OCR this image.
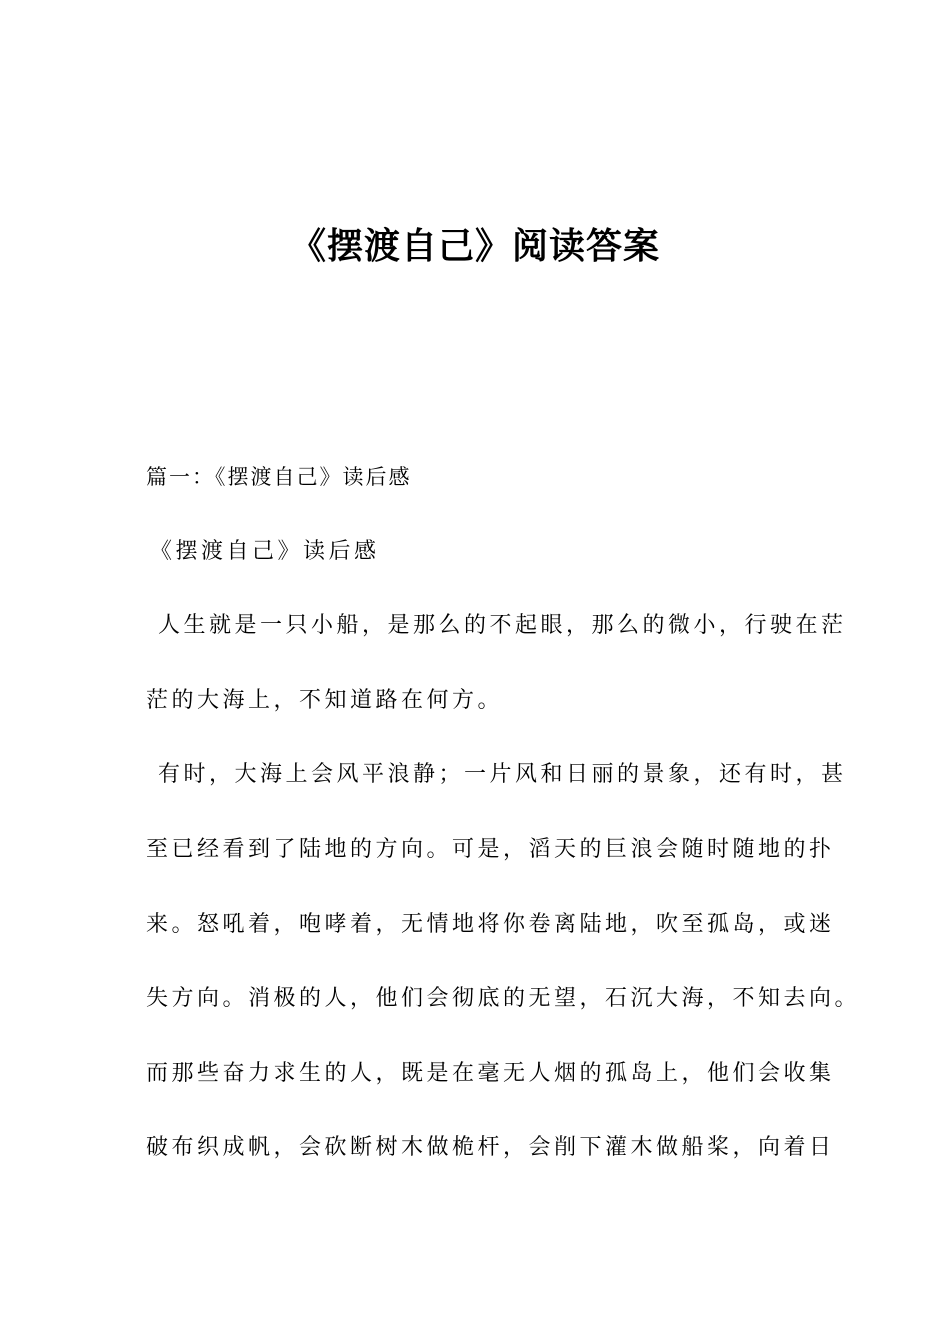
《摆渡自己》阅读答案

篇一：《摆渡自己》读后感

《摆渡自己》读后感

人生就是一只小船，是那么的不起眼，那么的微小，行驶在茫

茫的大海上，不知道路在何方。

有时，大海上会风平浪静；一片风和日丽的景象，还有时，甚

至已经看到了陆地的方向。可是，滔天的巨浪会随时随地的扑

来。怒吼着，咆哮着，无情地将你卷离陆地，吹至孤岛，或迷

失方向。消极的人，他们会彻底的无望，石沉大海，不知去向。

而那些奋力求生的人，既是在毫无人烟的孤岛上，他们会收集

破布织成帆，会砍断树木做桅杆，会削下灌木做船桨，向着日
